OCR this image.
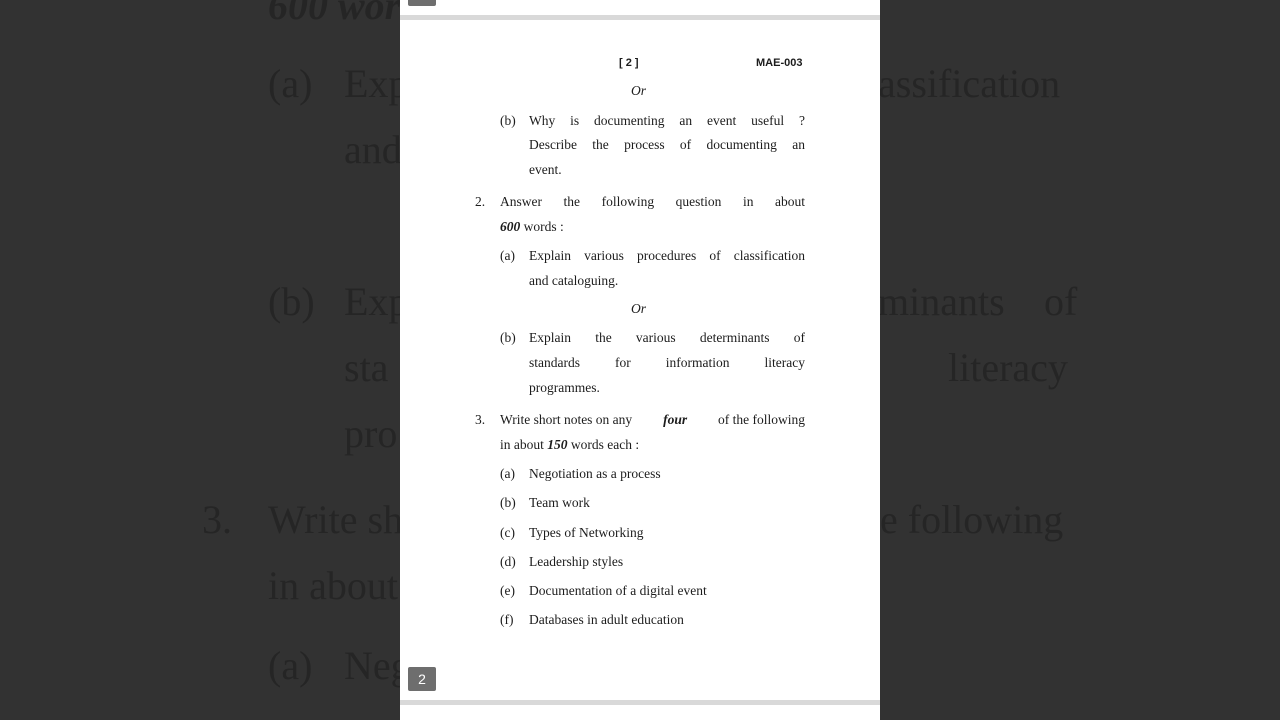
[ 2 ]	MAE-003
Or
(b) Why is documenting an event useful ?
Describe the process of documenting an
event.
2. Answer the following question in about
600 words :
(a) Explain various procedures of classification
and cataloguing.
Or
(b) Explain the various determinants of
standards for information literacy
programmes.
3. Write short notes on any four of the following
in about 150 words each :
(a) Negotiation as a process
(b) Team work
(c) Types of Networking
(d) Leadership styles
(e) Documentation of a digital event
(f) Databases in adult education
2
